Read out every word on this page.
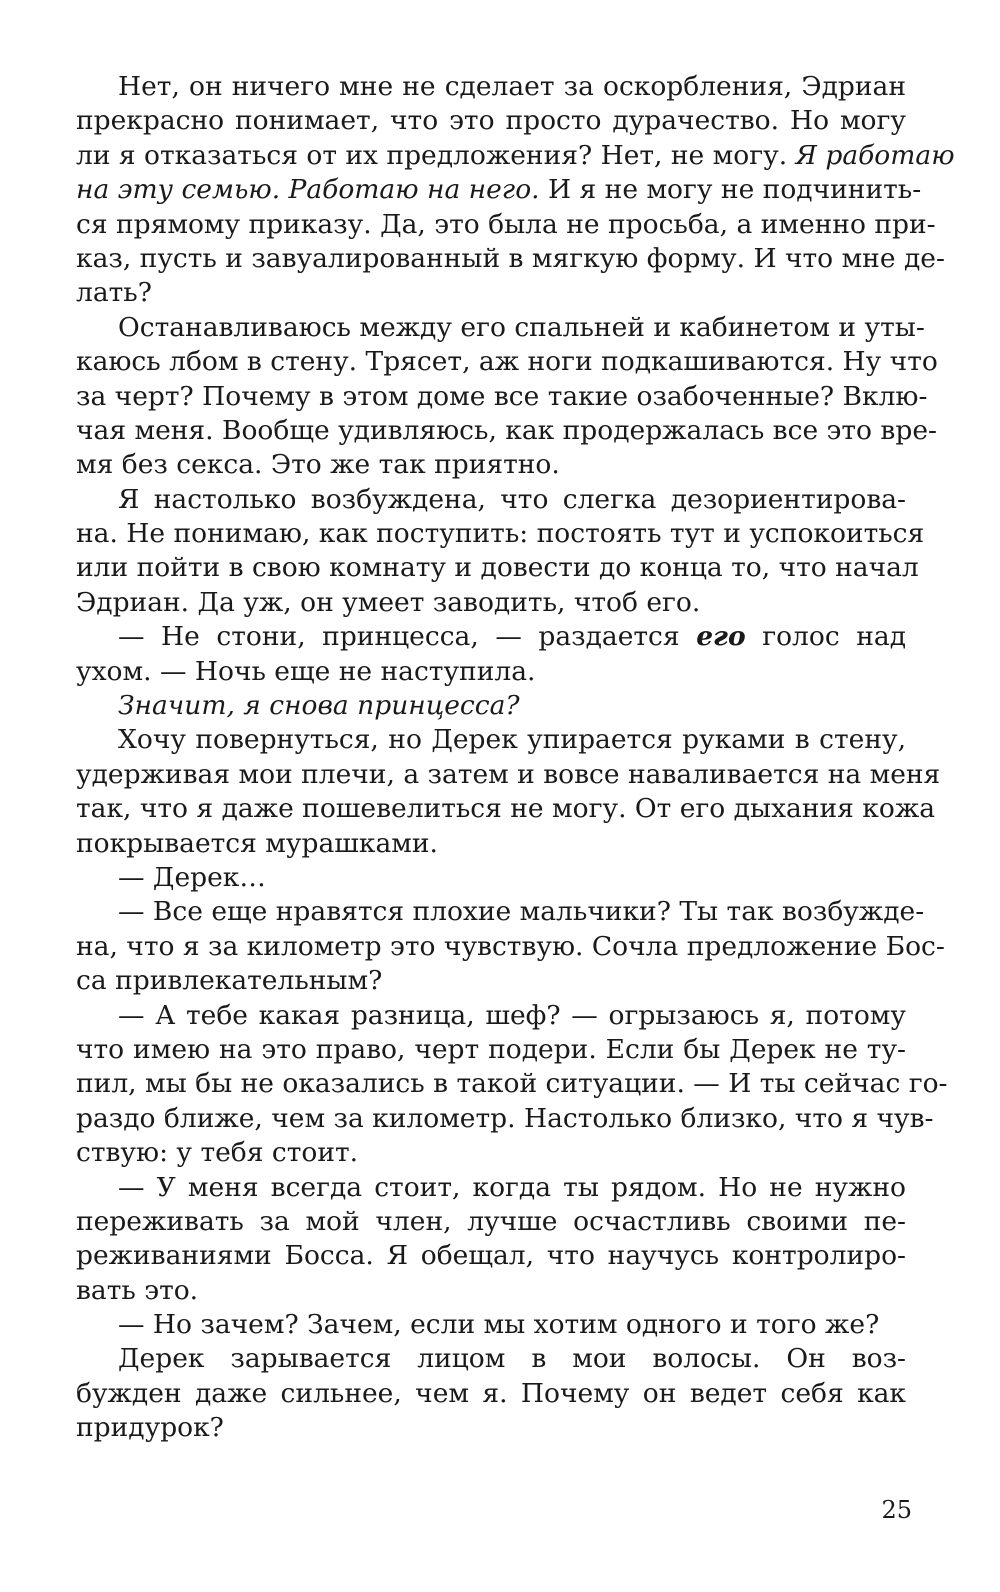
Нет, он ничего мне не сделает за оскорбления, Эдриан
прекрасно понимает, что это просто дурачество. Но могу
ли я отказаться от их предложения? Нет, не могу. Я работаю
на эту семью. Работаю на него. И я не могу не подчинить-
ся прямому приказу. Да, это была не просьба, а именно при-
каз, пусть и завуалированный в мягкую форму. И что мне де-
лать?
Останавливаюсь между его спальней и кабинетом и уты-
каюсь лбом в стену. Трясет, аж ноги подкашиваются. Ну что
за черт? Почему в этом доме все такие озабоченные? Вклю-
чая меня. Вообще удивляюсь, как продержалась все это вре-
мя без секса. Это же так приятно.
Я настолько возбуждена, что слегка дезориентирова-
на. Не понимаю, как поступить: постоять тут и успокоиться
или пойти в свою комнату и довести до конца то, что начал
Эдриан. Да уж, он умеет заводить, чтоб его.
— Не стони, принцесса, — раздается его голос над
ухом. — Ночь еще не наступила.
Значит, я снова принцесса?
Хочу повернуться, но Дерек упирается руками в стену,
удерживая мои плечи, а затем и вовсе наваливается на меня
так, что я даже пошевелиться не могу. От его дыхания кожа
покрывается мурашками.
— Дерек…
— Все еще нравятся плохие мальчики? Ты так возбужде-
на, что я за километр это чувствую. Сочла предложение Бос-
са привлекательным?
— А тебе какая разница, шеф? — огрызаюсь я, потому
что имею на это право, черт подери. Если бы Дерек не ту-
пил, мы бы не оказались в такой ситуации. — И ты сейчас го-
раздо ближе, чем за километр. Настолько близко, что я чув-
ствую: у тебя стоит.
— У меня всегда стоит, когда ты рядом. Но не нужно
переживать за мой член, лучше осчастливь своими пе-
реживаниями Босса. Я обещал, что научусь контролиро-
вать это.
— Но зачем? Зачем, если мы хотим одного и того же?
Дерек зарывается лицом в мои волосы. Он воз-
бужден даже сильнее, чем я. Почему он ведет себя как
придурок?
25
